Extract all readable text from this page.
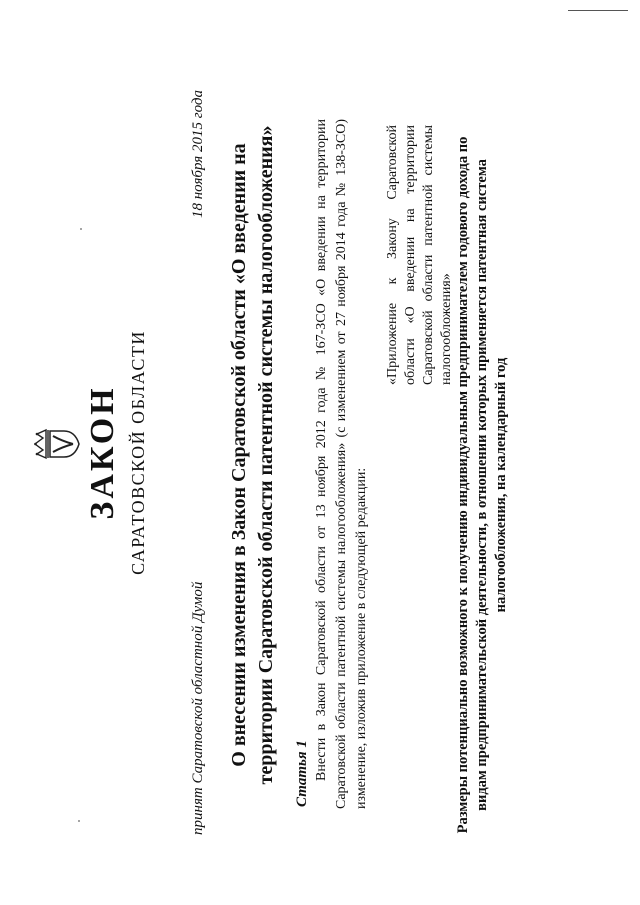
ЗАКОН САРАТОВСКОЙ ОБЛАСТИ
принят Саратовской областной Думой
18 ноября 2015 года О внесении изменения в Закон Саратовской области «О введении на территории Саратовской области патентной системы налогообложения» Статья 1 Внести в Закон Саратовской области от 13 ноября 2012 года № 167-ЗСО «О введении на территории Саратовской области патентной системы налогообложения» (с изменением от 27 ноября 2014 года № 138-ЗСО) изменение, изложив приложение в следующей редакции:

«Приложение к Закону Саратовской области «О введении на территории Саратовской области патентной системы налогообложения» Размеры потенциально возможного к получению индивидуальным предпринимателем годового дохода по видам предпринимательской деятельности, в отношении которых применяется патентная система налогообложения, на календарный год
